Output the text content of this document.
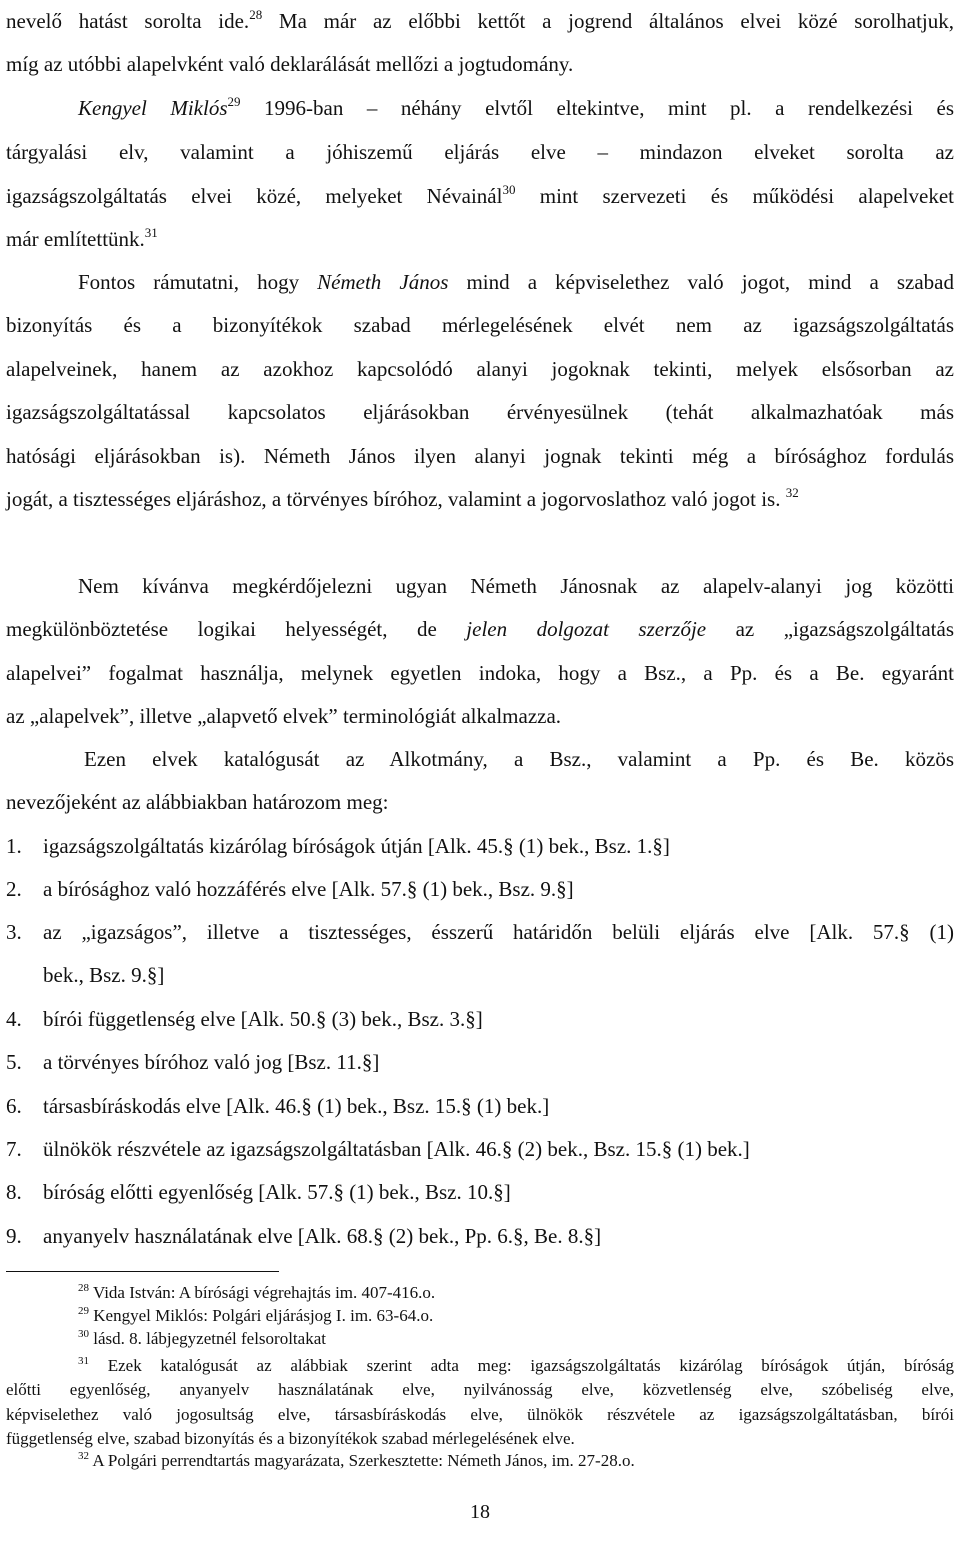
nevelő hatást sorolta ide.$^{28}$ Ma már az előbbi kettőt a jogrend általános elvei közé sorolhatjuk,
míg az utóbbi alapelvként való deklarálását mellőzi a jogtudomány.
Kengyel Miklós$^{29}$ 1996-ban – néhány elvtől eltekintve, mint pl. a rendelkezési és
tárgyalási elv, valamint a jóhiszemű eljárás elve – mindazon elveket sorolta az
igazságszolgáltatás elvei közé, melyeket Névainál$^{30}$ mint szervezeti és működési alapelveket
már említettünk.$^{31}$
Fontos rámutatni, hogy Németh János mind a képviselethez való jogot, mind a szabad
bizonyítás és a bizonyítékok szabad mérlegelésének elvét nem az igazságszolgáltatás
alapelveinek, hanem az azokhoz kapcsolódó alanyi jogoknak tekinti, melyek elsősorban az
igazságszolgáltatással kapcsolatos eljárásokban érvényesülnek (tehát alkalmazhatóak más
hatósági eljárásokban is). Németh János ilyen alanyi jognak tekinti még a bírósághoz fordulás
jogát, a tisztességes eljáráshoz, a törvényes bíróhoz, valamint a jogorvoslathoz való jogot is. $^{32}$
Nem kívánva megkérdőjelezni ugyan Németh Jánosnak az alapelv-alanyi jog közötti
megkülönböztetése logikai helyességét, de jelen dolgozat szerzője az „igazságszolgáltatás
alapelvei” fogalmat használja, melynek egyetlen indoka, hogy a Bsz., a Pp. és a Be. egyaránt
az „alapelvek”, illetve „alapvető elvek” terminológiát alkalmazza.
Ezen elvek katalógusát az Alkotmány, a Bsz., valamint a Pp. és Be. közös
nevezőjeként az alábbiakban határozom meg:
1. igazságszolgáltatás kizárólag bíróságok útján [Alk. 45.§ (1) bek., Bsz. 1.§]
2. a bírósághoz való hozzáférés elve [Alk. 57.§ (1) bek., Bsz. 9.§]
3. az „igazságos”, illetve a tisztességes, ésszerű határidőn belüli eljárás elve [Alk. 57.§ (1)
bek., Bsz. 9.§]
4. bírói függetlenség elve [Alk. 50.§ (3) bek., Bsz. 3.§]
5. a törvényes bíróhoz való jog [Bsz. 11.§]
6. társasbíráskodás elve [Alk. 46.§ (1) bek., Bsz. 15.§ (1) bek.]
7. ülnökök részvétele az igazságszolgáltatásban [Alk. 46.§ (2) bek., Bsz. 15.§ (1) bek.]
8. bíróság előtti egyenlőség [Alk. 57.§ (1) bek., Bsz. 10.§]
9. anyanyelv használatának elve [Alk. 68.§ (2) bek., Pp. 6.§, Be. 8.§]
$^{28}$ Vida István: A bírósági végrehajtás im. 407-416.o.
$^{29}$ Kengyel Miklós: Polgári eljárásjog I. im. 63-64.o.
$^{30}$ lásd. 8. lábjegyzetnél felsoroltakat
$^{31}$ Ezek katalógusát az alábbiak szerint adta meg: igazságszolgáltatás kizárólag bíróságok útján, bíróság
előtti egyenlőség, anyanyelv használatának elve, nyilvánosság elve, közvetlenség elve, szóbeliség elve,
képviselethez való jogosultság elve, társasbíráskodás elve, ülnökök részvétele az igazságszolgáltatásban, bírói
függetlenség elve, szabad bizonyítás és a bizonyítékok szabad mérlegelésének elve.
$^{32}$ A Polgári perrendtartás magyarázata, Szerkesztette: Németh János, im. 27-28.o.
18
